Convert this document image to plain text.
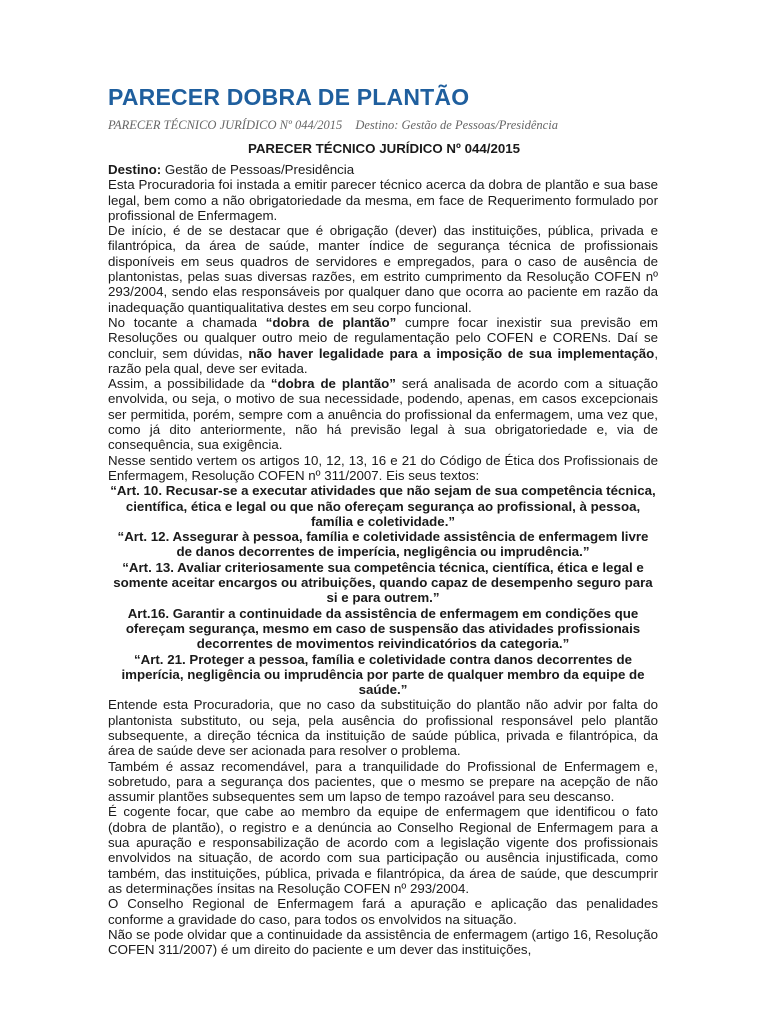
PARECER DOBRA DE PLANTÃO
PARECER TÉCNICO JURÍDICO Nº 044/2015 Destino: Gestão de Pessoas/Presidência
PARECER TÉCNICO JURÍDICO Nº 044/2015

Destino: Gestão de Pessoas/Presidência

Esta Procuradoria foi instada a emitir parecer técnico acerca da dobra de plantão e sua base legal, bem como a não obrigatoriedade da mesma, em face de Requerimento formulado por profissional de Enfermagem.

De início, é de se destacar que é obrigação (dever) das instituições, pública, privada e filantrópica, da área de saúde, manter índice de segurança técnica de profissionais disponíveis em seus quadros de servidores e empregados, para o caso de ausência de plantonistas, pelas suas diversas razões, em estrito cumprimento da Resolução COFEN nº 293/2004, sendo elas responsáveis por qualquer dano que ocorra ao paciente em razão da inadequação quantiqualitativa destes em seu corpo funcional.

No tocante a chamada “dobra de plantão” cumpre focar inexistir sua previsão em Resoluções ou qualquer outro meio de regulamentação pelo COFEN e CORENs. Daí se concluir, sem dúvidas, não haver legalidade para a imposição de sua implementação, razão pela qual, deve ser evitada.

Assim, a possibilidade da “dobra de plantão” será analisada de acordo com a situação envolvida, ou seja, o motivo de sua necessidade, podendo, apenas, em casos excepcionais ser permitida, porém, sempre com a anuência do profissional da enfermagem, uma vez que, como já dito anteriormente, não há previsão legal à sua obrigatoriedade e, via de consequência, sua exigência.

Nesse sentido vertem os artigos 10, 12, 13, 16 e 21 do Código de Ética dos Profissionais de Enfermagem, Resolução COFEN nº 311/2007. Eis seus textos:

“Art. 10. Recusar-se a executar atividades que não sejam de sua competência técnica, científica, ética e legal ou que não ofereçam segurança ao profissional, à pessoa, família e coletividade.”

“Art. 12. Assegurar à pessoa, família e coletividade assistência de enfermagem livre de danos decorrentes de imperícia, negligência ou imprudência.”

“Art. 13. Avaliar criteriosamente sua competência técnica, científica, ética e legal e somente aceitar encargos ou atribuições, quando capaz de desempenho seguro para si e para outrem.”

Art.16. Garantir a continuidade da assistência de enfermagem em condições que ofereçam segurança, mesmo em caso de suspensão das atividades profissionais decorrentes de movimentos reivindicatórios da categoria.”

“Art. 21. Proteger a pessoa, família e coletividade contra danos decorrentes de imperícia, negligência ou imprudência por parte de qualquer membro da equipe de saúde.”

Entende esta Procuradoria, que no caso da substituição do plantão não advir por falta do plantonista substituto, ou seja, pela ausência do profissional responsável pelo plantão subsequente, a direção técnica da instituição de saúde pública, privada e filantrópica, da área de saúde deve ser acionada para resolver o problema.

Também é assaz recomendável, para a tranquilidade do Profissional de Enfermagem e, sobretudo, para a segurança dos pacientes, que o mesmo se prepare na acepção de não assumir plantões subsequentes sem um lapso de tempo razoável para seu descanso.

É cogente focar, que cabe ao membro da equipe de enfermagem que identificou o fato (dobra de plantão), o registro e a denúncia ao Conselho Regional de Enfermagem para a sua apuração e responsabilização de acordo com a legislação vigente dos profissionais envolvidos na situação, de acordo com sua participação ou ausência injustificada, como também, das instituições, pública, privada e filantrópica, da área de saúde, que descumprir as determinações ínsitas na Resolução COFEN nº 293/2004.

O Conselho Regional de Enfermagem fará a apuração e aplicação das penalidades conforme a gravidade do caso, para todos os envolvidos na situação.

Não se pode olvidar que a continuidade da assistência de enfermagem (artigo 16, Resolução COFEN 311/2007) é um direito do paciente e um dever das instituições,
